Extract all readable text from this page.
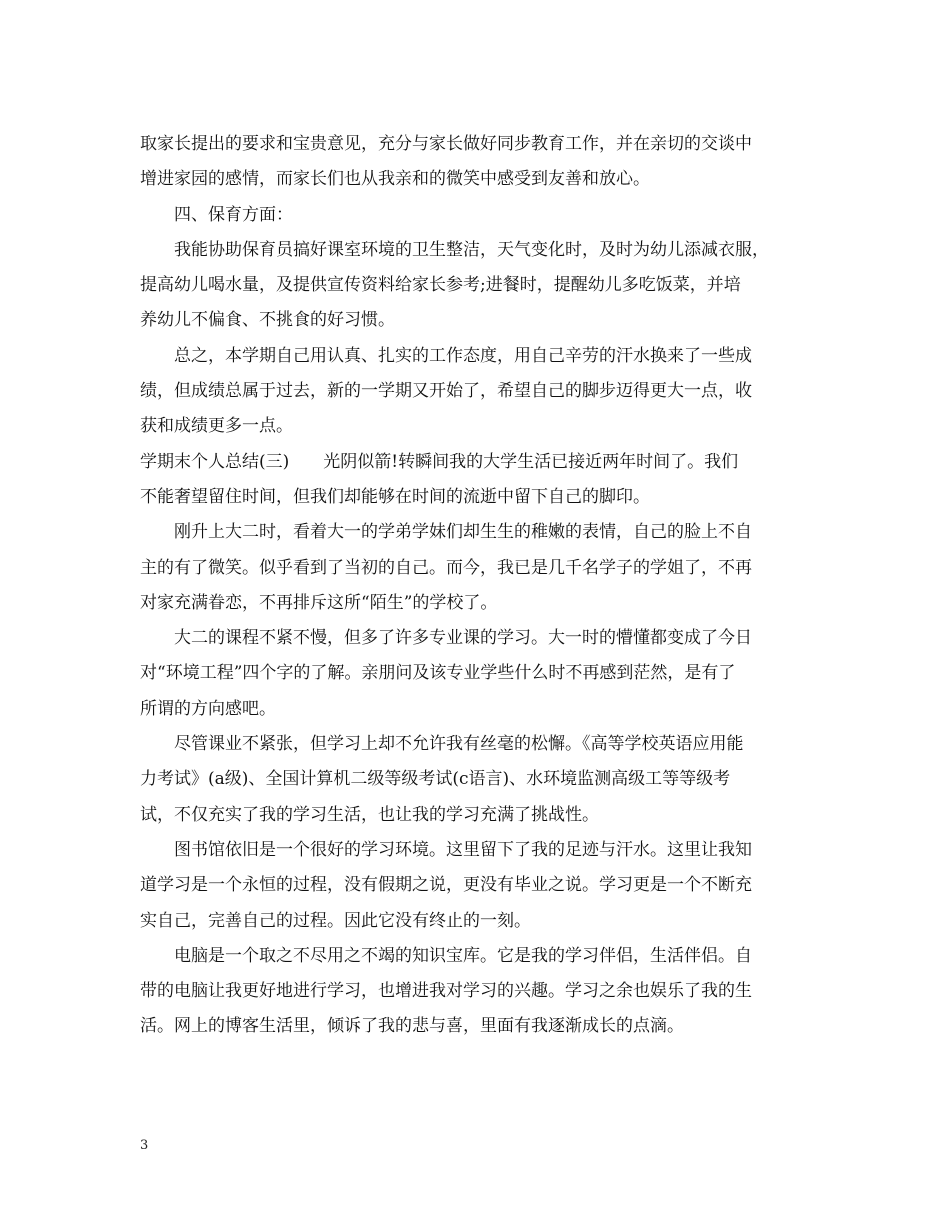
取家长提出的要求和宝贵意见，充分与家长做好同步教育工作，并在亲切的交谈中
增进家园的感情，而家长们也从我亲和的微笑中感受到友善和放心。
四、保育方面：
我能协助保育员搞好课室环境的卫生整洁，天气变化时，及时为幼儿添减衣服，
提高幼儿喝水量，及提供宣传资料给家长参考;进餐时，提醒幼儿多吃饭菜，并培
养幼儿不偏食、不挑食的好习惯。
总之，本学期自己用认真、扎实的工作态度，用自己辛劳的汗水换来了一些成
绩，但成绩总属于过去，新的一学期又开始了，希望自己的脚步迈得更大一点，收
获和成绩更多一点。
学期末个人总结(三) 光阴似箭!转瞬间我的大学生活已接近两年时间了。我们
不能奢望留住时间，但我们却能够在时间的流逝中留下自己的脚印。
刚升上大二时，看着大一的学弟学妹们却生生的稚嫩的表情，自己的脸上不自
主的有了微笑。似乎看到了当初的自己。而今，我已是几千名学子的学姐了，不再
对家充满眷恋，不再排斥这所“陌生”的学校了。
大二的课程不紧不慢，但多了许多专业课的学习。大一时的懵懂都变成了今日
对“环境工程”四个字的了解。亲朋问及该专业学些什么时不再感到茫然，是有了
所谓的方向感吧。
尽管课业不紧张，但学习上却不允许我有丝毫的松懈。《高等学校英语应用能
力考试》(a级)、全国计算机二级等级考试(c语言)、水环境监测高级工等等级考
试，不仅充实了我的学习生活，也让我的学习充满了挑战性。
图书馆依旧是一个很好的学习环境。这里留下了我的足迹与汗水。这里让我知
道学习是一个永恒的过程，没有假期之说，更没有毕业之说。学习更是一个不断充
实自己，完善自己的过程。因此它没有终止的一刻。
电脑是一个取之不尽用之不竭的知识宝库。它是我的学习伴侣，生活伴侣。自
带的电脑让我更好地进行学习，也增进我对学习的兴趣。学习之余也娱乐了我的生
活。网上的博客生活里，倾诉了我的悲与喜，里面有我逐渐成长的点滴。
3
